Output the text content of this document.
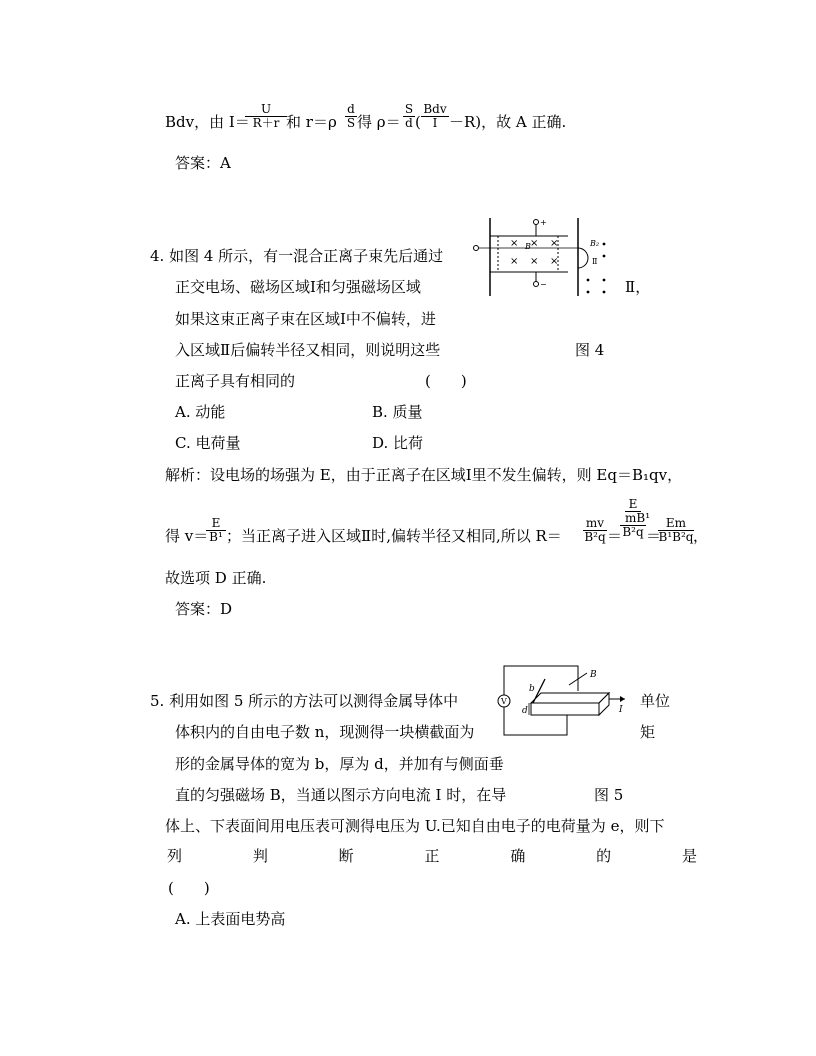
Bdv，由 I＝
$\frac{U}{R+r}$ 和 $r=\rho \frac{d}{S}$ 得 $\rho= \frac{S}{d}$ (
Bdv
I －R)，故 A 正确.
答案：A
4. 如图 4 所示，有一混合正离子束先后通过
正交电场、磁场区域Ⅰ和匀强磁场区域	Ⅱ，
如果这束正离子束在区域Ⅰ中不偏转，进
入区域Ⅱ后偏转半径又相同，则说明这些	图 4
正离子具有相同的	(　　)
A. 动能	B. 质量
C. 电荷量	D. 比荷
+
−
× × ×
× × ×
B	B₂
Ⅱ
解析：设电场的场强为 E，由于正离子在区域Ⅰ里不发生偏转，则 Eq＝B₁qv，
得 v＝
$\frac{E}{\text{B¹}}$ ；当正离子进入区域Ⅱ时,偏转半径又相同,所以 $R= \frac{mv}{\text{B²q}}$ ＝
E
mB¹
B²q ＝
$\frac{Em}{\text{B¹B²q}}$ ，
故选项 D 正确.
答案：D
5. 利用如图 5 所示的方法可以测得金属导体中	单位
体积内的自由电子数 n，现测得一块横截面为	矩
形的金属导体的宽为 b，厚为 d，并加有与侧面垂
直的匀强磁场 B，当通以图示方向电流 I 时，在导	图 5
体上、下表面间用电压表可测得电压为 U.已知自由电子的电荷量为 e，则下
列	判	断	正	确	的	是
(　　)
A. 上表面电势高
V
B
I
b
d
